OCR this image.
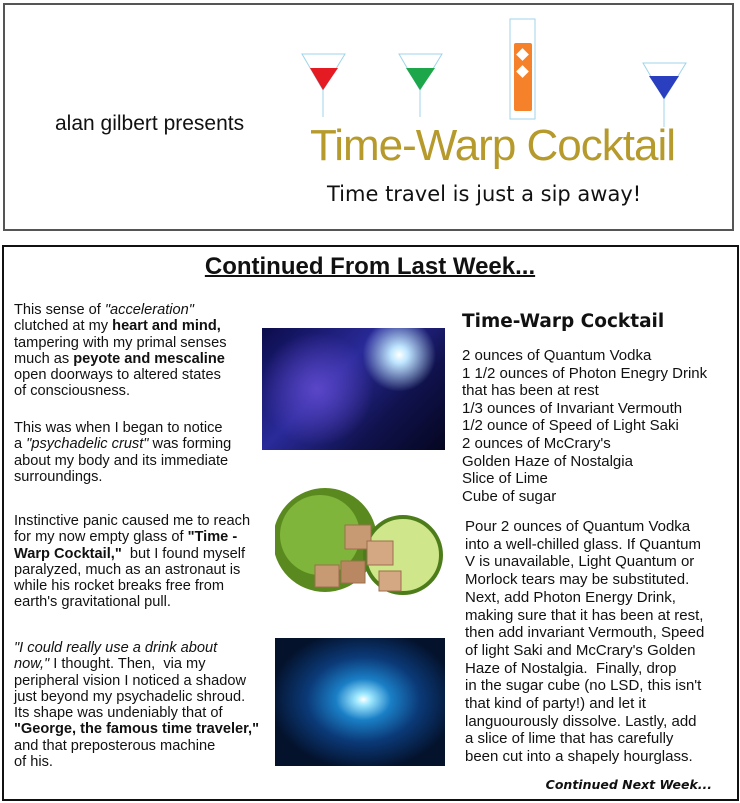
alan gilbert presents Time-Warp Cocktail
Time travel is just a sip away!
Continued From Last Week...
This sense of "acceleration"
clutched at my heart and mind,
tampering with my primal senses
much as peyote and mescaline
open doorways to altered states
of consciousness.
This was when I began to notice
a "psychadelic crust" was forming
about my body and its immediate
surroundings.
Instinctive panic caused me to reach
for my now empty glass of "Time -
Warp Cocktail,"  but I found myself
paralyzed, much as an astronaut is
while his rocket breaks free from
earth's gravitational pull.
"I could really use a drink about
now," I thought. Then,  via my
peripheral vision I noticed a shadow
just beyond my psychadelic shroud.
Its shape was undeniably that of
"George, the famous time traveler,"
and that preposterous machine
of his.
Time-Warp Cocktail
2 ounces of Quantum Vodka
1 1/2 ounces of Photon Enegry Drink
that has been at rest
1/3 ounces of Invariant Vermouth
1/2 ounce of Speed of Light Saki
2 ounces of McCrary's
Golden Haze of Nostalgia
Slice of Lime
Cube of sugar
Pour 2 ounces of Quantum Vodka
into a well-chilled glass. If Quantum
V is unavailable, Light Quantum or
Morlock tears may be substituted.
Next, add Photon Energy Drink,
making sure that it has been at rest,
then add invariant Vermouth, Speed
of light Saki and McCrary's Golden
Haze of Nostalgia.  Finally, drop
in the sugar cube (no LSD, this isn't
that kind of party!) and let it
languourously dissolve. Lastly, add
a slice of lime that has carefully
been cut into a shapely hourglass.
Continued Next Week...
